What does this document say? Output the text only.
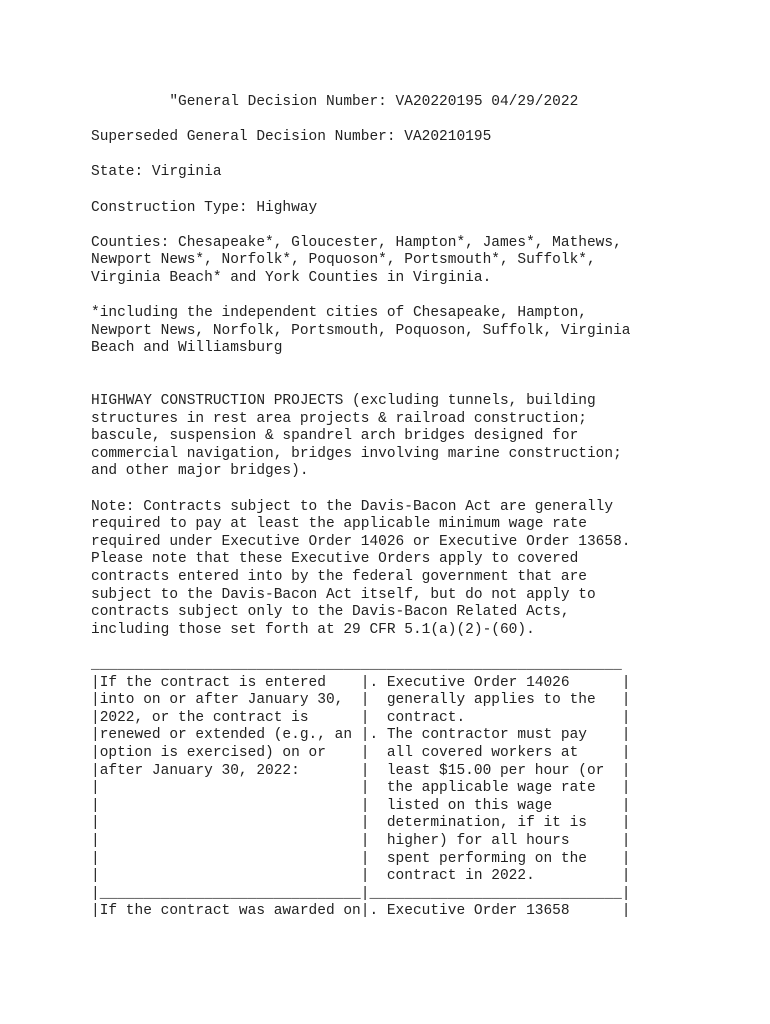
"General Decision Number: VA20220195 04/29/2022
Superseded General Decision Number: VA20210195
State: Virginia
Construction Type: Highway
Counties: Chesapeake*, Gloucester, Hampton*, James*, Mathews,
Newport News*, Norfolk*, Poquoson*, Portsmouth*, Suffolk*,
Virginia Beach* and York Counties in Virginia.
*including the independent cities of Chesapeake, Hampton,
Newport News, Norfolk, Portsmouth, Poquoson, Suffolk, Virginia
Beach and Williamsburg
HIGHWAY CONSTRUCTION PROJECTS (excluding tunnels, building
structures in rest area projects & railroad construction;
bascule, suspension & spandrel arch bridges designed for
commercial navigation, bridges involving marine construction;
and other major bridges).
Note: Contracts subject to the Davis-Bacon Act are generally
required to pay at least the applicable minimum wage rate
required under Executive Order 14026 or Executive Order 13658.
Please note that these Executive Orders apply to covered
contracts entered into by the federal government that are
subject to the Davis-Bacon Act itself, but do not apply to
contracts subject only to the Davis-Bacon Related Acts,
including those set forth at 29 CFR 5.1(a)(2)-(60).
_____________________________________________________________
|If the contract is entered    |. Executive Order 14026      |
|into on or after January 30,  |  generally applies to the   |
|2022, or the contract is      |  contract.                  |
|renewed or extended (e.g., an |. The contractor must pay    |
|option is exercised) on or    |  all covered workers at     |
|after January 30, 2022:       |  least $15.00 per hour (or  |
|                              |  the applicable wage rate   |
|                              |  listed on this wage        |
|                              |  determination, if it is    |
|                              |  higher) for all hours      |
|                              |  spent performing on the    |
|                              |  contract in 2022.          |
|______________________________|_____________________________|
|If the contract was awarded on|. Executive Order 13658      |
